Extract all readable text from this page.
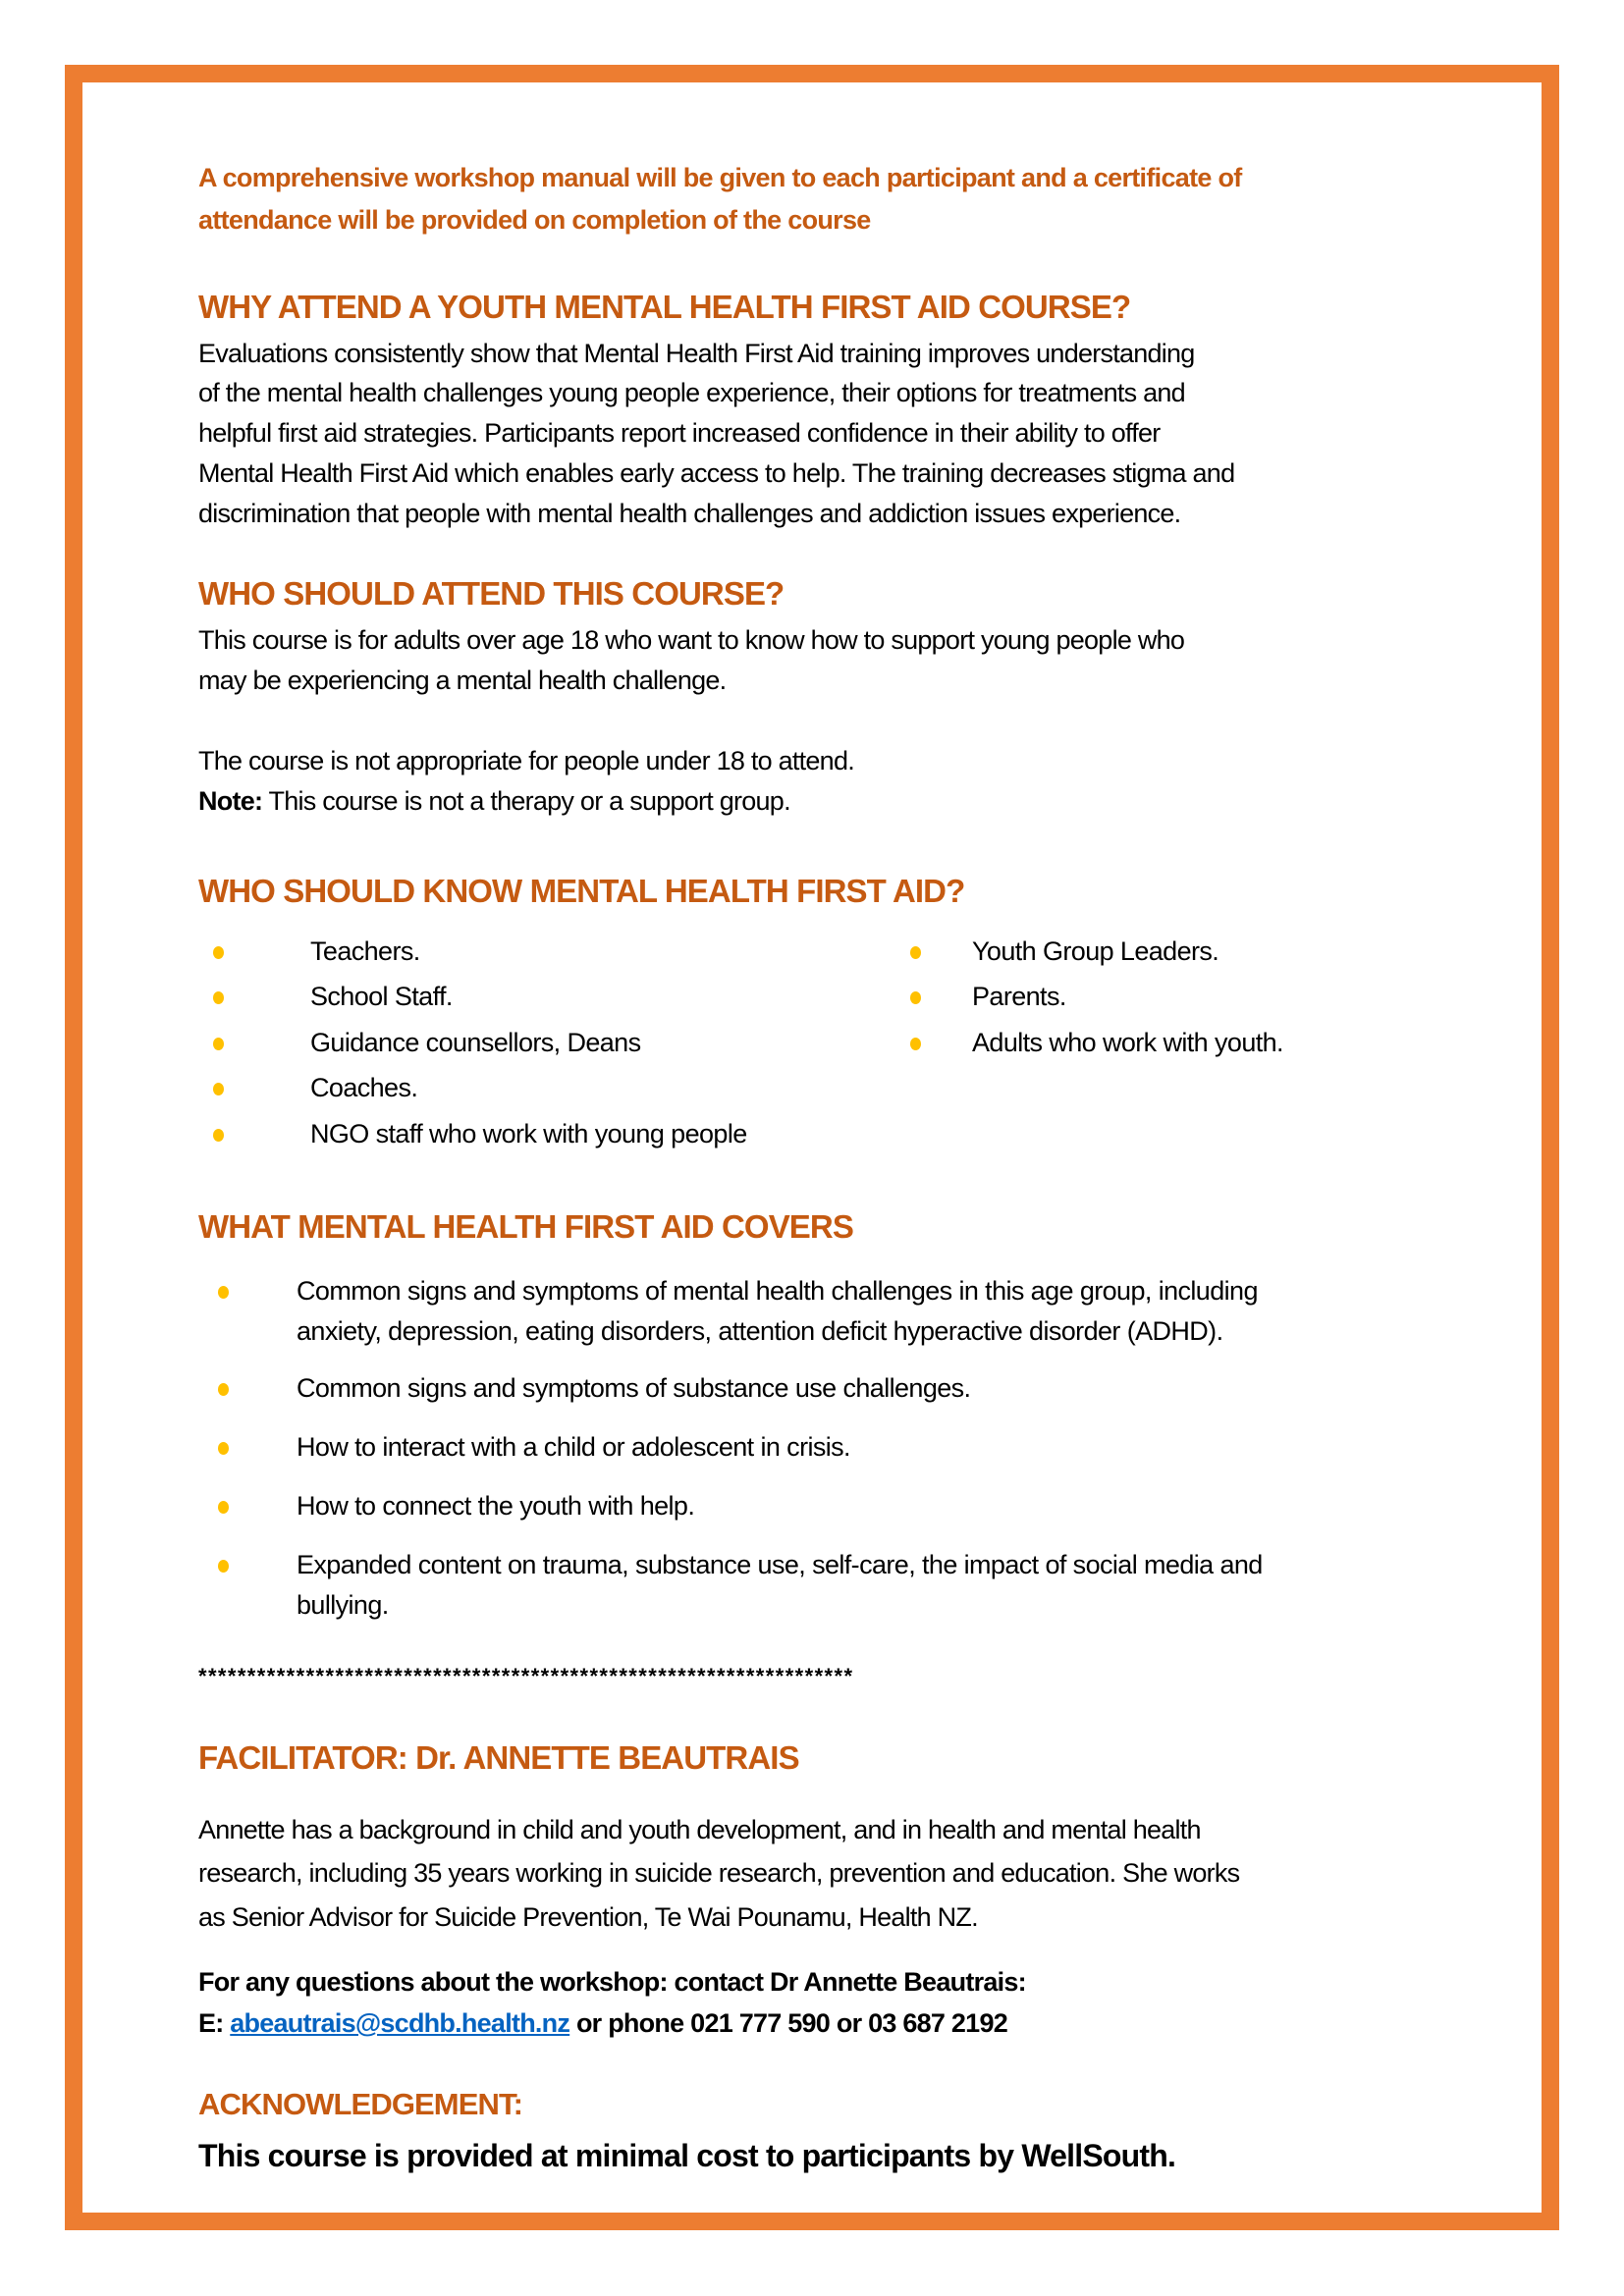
A comprehensive workshop manual will be given to each participant and a certificate of

attendance will be provided on completion of the course

WHY ATTEND A YOUTH MENTAL HEALTH FIRST AID COURSE?

Evaluations consistently show that Mental Health First Aid training improves understanding

of the mental health challenges young people experience, their options for treatments and

helpful first aid strategies. Participants report increased confidence in their ability to offer

Mental Health First Aid which enables early access to help. The training decreases stigma and

discrimination that people with mental health challenges and addiction issues experience.

WHO SHOULD ATTEND THIS COURSE?

This course is for adults over age 18 who want to know how to support young people who

may be experiencing a mental health challenge.

The course is not appropriate for people under 18 to attend.

Note: This course is not a therapy or a support group.

WHO SHOULD KNOW MENTAL HEALTH FIRST AID?
Teachers.
School Staff.
Guidance counsellors, Deans
Coaches.
NGO staff who work with young people
Youth Group Leaders.
Parents.
Adults who work with youth.
WHAT MENTAL HEALTH FIRST AID COVERS
Common signs and symptoms of mental health challenges in this age group, including
anxiety, depression, eating disorders, attention deficit hyperactive disorder (ADHD).
Common signs and symptoms of substance use challenges.
How to interact with a child or adolescent in crisis.
How to connect the youth with help.
Expanded content on trauma, substance use, self-care, the impact of social media and
bullying.

*******************************************************************

FACILITATOR: Dr. ANNETTE BEAUTRAIS

Annette has a background in child and youth development, and in health and mental health

research, including 35 years working in suicide research, prevention and education. She works

as Senior Advisor for Suicide Prevention, Te Wai Pounamu, Health NZ.

For any questions about the workshop: contact Dr Annette Beautrais:

E: abeautrais@scdhb.health.nz or phone 021 777 590 or 03 687 2192

ACKNOWLEDGEMENT:

This course is provided at minimal cost to participants by WellSouth.
